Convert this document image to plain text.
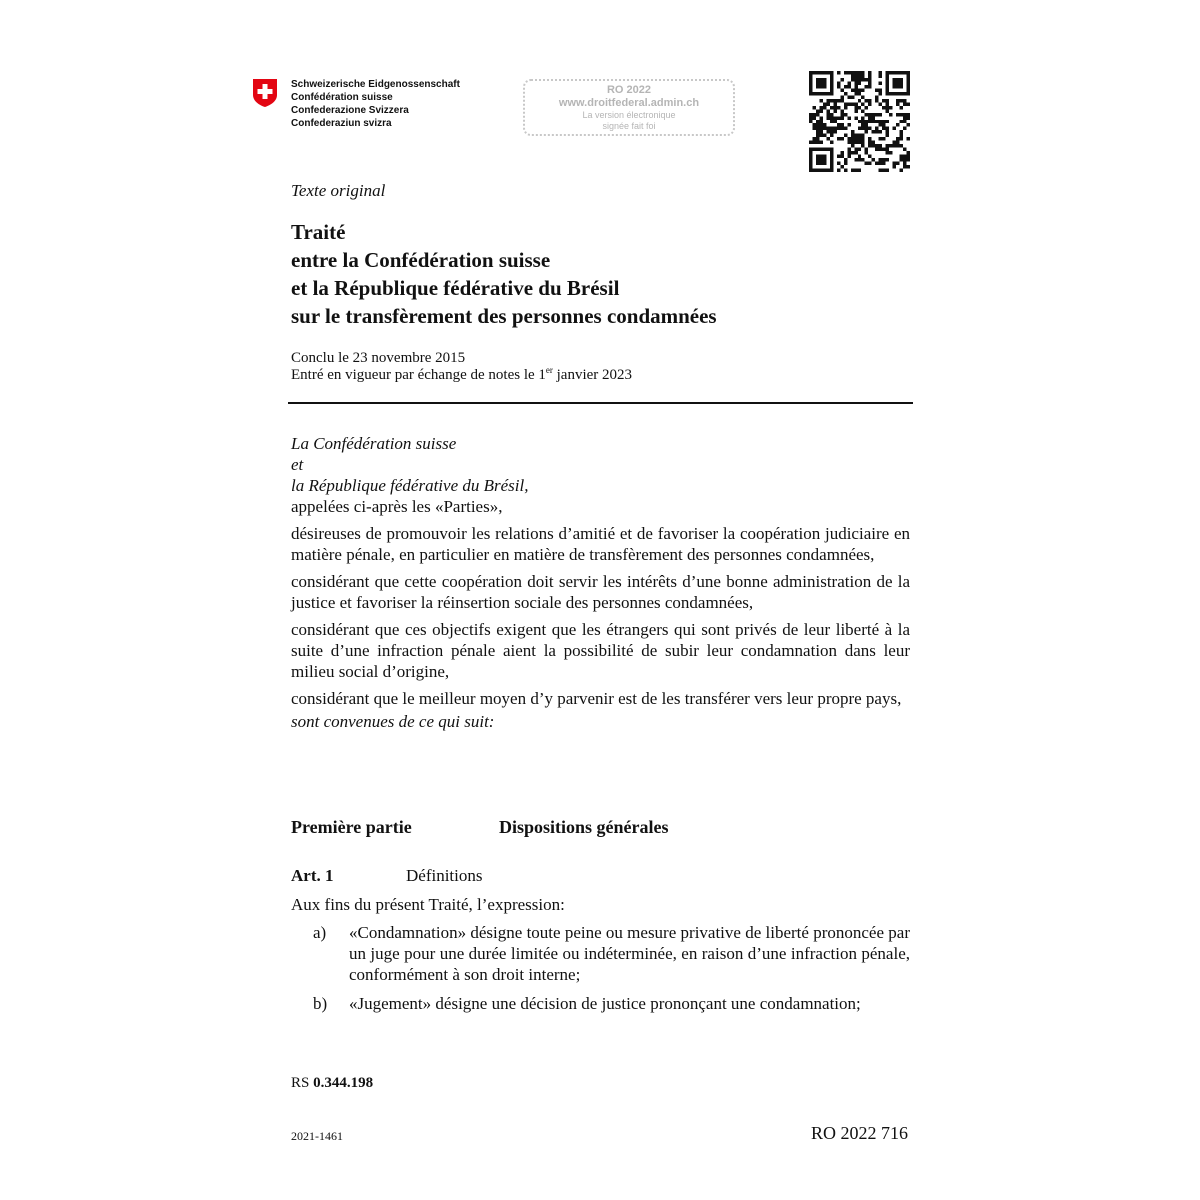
Schweizerische Eidgenossenschaft
Confédération suisse
Confederazione Svizzera
Confederaziun svizra
RO 2022
www.droitfederal.admin.ch
La version électronique
signée fait foi
Texte original
Traité
entre la Confédération suisse
et la République fédérative du Brésil
sur le transfèrement des personnes condamnées
Conclu le 23 novembre 2015
Entré en vigueur par échange de notes le 1er janvier 2023

La Confédération suisse

et

la République fédérative du Brésil,

appelées ci-après les «Parties»,

désireuses de promouvoir les relations d’amitié et de favoriser la coopération judiciaire en matière pénale, en particulier en matière de transfèrement des personnes condamnées,

considérant que cette coopération doit servir les intérêts d’une bonne administration de la justice et favoriser la réinsertion sociale des personnes condamnées,

considérant que ces objectifs exigent que les étrangers qui sont privés de leur liberté à la suite d’une infraction pénale aient la possibilité de subir leur condamnation dans leur milieu social d’origine,

considérant que le meilleur moyen d’y parvenir est de les transférer vers leur propre pays,

sont convenues de ce qui suit:

Première partie	Dispositions générales
Art. 1	Définitions
Aux fins du présent Traité, l’expression:
a) «Condamnation» désigne toute peine ou mesure privative de liberté prononcée par un juge pour une durée limitée ou indéterminée, en raison d’une infraction pénale, conformément à son droit interne;
b) «Jugement» désigne une décision de justice prononçant une condamnation;
RS 0.344.198
2021-1461	RO 2022 716
